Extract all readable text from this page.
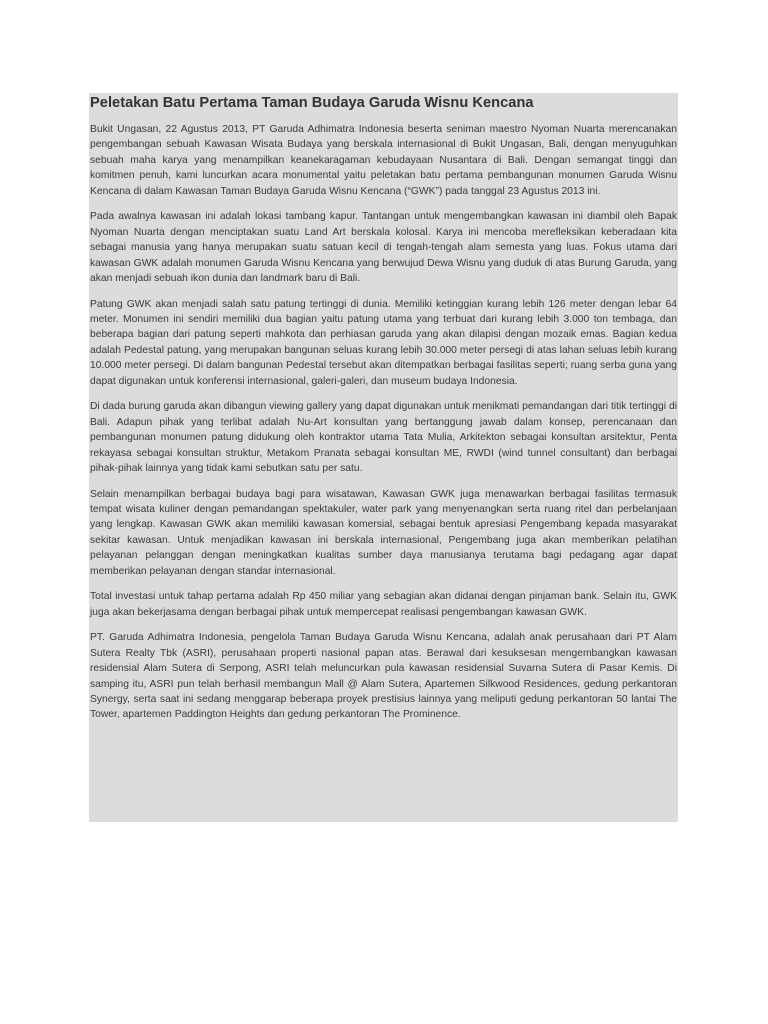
Peletakan Batu Pertama Taman Budaya Garuda Wisnu Kencana

Bukit Ungasan, 22 Agustus 2013, PT Garuda Adhimatra Indonesia beserta seniman maestro Nyoman Nuarta merencanakan pengembangan sebuah Kawasan Wisata Budaya yang berskala internasional di Bukit Ungasan, Bali, dengan menyuguhkan sebuah maha karya yang menampilkan keanekaragaman kebudayaan Nusantara di Bali. Dengan semangat tinggi dan komitmen penuh, kami luncurkan acara monumental yaitu peletakan batu pertama pembangunan monumen Garuda Wisnu Kencana di dalam Kawasan Taman Budaya Garuda Wisnu Kencana (“GWK”) pada tanggal 23 Agustus 2013 ini.

Pada awalnya kawasan ini adalah lokasi tambang kapur. Tantangan untuk mengembangkan kawasan ini diambil oleh Bapak Nyoman Nuarta dengan menciptakan suatu Land Art berskala kolosal. Karya ini mencoba merefleksikan keberadaan kita sebagai manusia yang hanya merupakan suatu satuan kecil di tengah-tengah alam semesta yang luas. Fokus utama dari kawasan GWK adalah monumen Garuda Wisnu Kencana yang berwujud Dewa Wisnu yang duduk di atas Burung Garuda, yang akan menjadi sebuah ikon dunia dan landmark baru di Bali.

Patung GWK akan menjadi salah satu patung tertinggi di dunia. Memiliki ketinggian kurang lebih 126 meter dengan lebar 64 meter. Monumen ini sendiri memiliki dua bagian yaitu patung utama yang terbuat dari kurang lebih 3.000 ton tembaga, dan beberapa bagian dari patung seperti mahkota dan perhiasan garuda yang akan dilapisi dengan mozaik emas. Bagian kedua adalah Pedestal patung, yang merupakan bangunan seluas kurang lebih 30.000 meter persegi di atas lahan seluas lebih kurang 10.000 meter persegi. Di dalam bangunan Pedestal tersebut akan ditempatkan berbagai fasilitas seperti; ruang serba guna yang dapat digunakan untuk konferensi internasional, galeri-galeri, dan museum budaya Indonesia.

Di dada burung garuda akan dibangun viewing gallery yang dapat digunakan untuk menikmati pemandangan dari titik tertinggi di Bali. Adapun pihak yang terlibat adalah Nu-Art konsultan yang bertanggung jawab dalam konsep, perencanaan dan pembangunan monumen patung didukung oleh kontraktor utama Tata Mulia, Arkitekton sebagai konsultan arsitektur, Penta rekayasa sebagai konsultan struktur, Metakom Pranata sebagai konsultan ME, RWDI (wind tunnel consultant) dan berbagai pihak-pihak lainnya yang tidak kami sebutkan satu per satu.

Selain menampilkan berbagai budaya bagi para wisatawan, Kawasan GWK juga menawarkan berbagai fasilitas termasuk tempat wisata kuliner dengan pemandangan spektakuler, water park yang menyenangkan serta ruang ritel dan perbelanjaan yang lengkap. Kawasan GWK akan memiliki kawasan komersial, sebagai bentuk apresiasi Pengembang kepada masyarakat sekitar kawasan. Untuk menjadikan kawasan ini berskala internasional, Pengembang juga akan memberikan pelatihan pelayanan pelanggan dengan meningkatkan kualitas sumber daya manusianya terutama bagi pedagang agar dapat memberikan pelayanan dengan standar internasional.

Total investasi untuk tahap pertama adalah Rp 450 miliar yang sebagian akan didanai dengan pinjaman bank. Selain itu, GWK juga akan bekerjasama dengan berbagai pihak untuk mempercepat realisasi pengembangan kawasan GWK.

PT. Garuda Adhimatra Indonesia, pengelola Taman Budaya Garuda Wisnu Kencana, adalah anak perusahaan dari PT Alam Sutera Realty Tbk (ASRI), perusahaan properti nasional papan atas. Berawal dari kesuksesan mengembangkan kawasan residensial Alam Sutera di Serpong, ASRI telah meluncurkan pula kawasan residensial Suvarna Sutera di Pasar Kemis. Di samping itu, ASRI pun telah berhasil membangun Mall @ Alam Sutera, Apartemen Silkwood Residences, gedung perkantoran Synergy, serta saat ini sedang menggarap beberapa proyek prestisius lainnya yang meliputi gedung perkantoran 50 lantai The Tower, apartemen Paddington Heights dan gedung perkantoran The Prominence.
